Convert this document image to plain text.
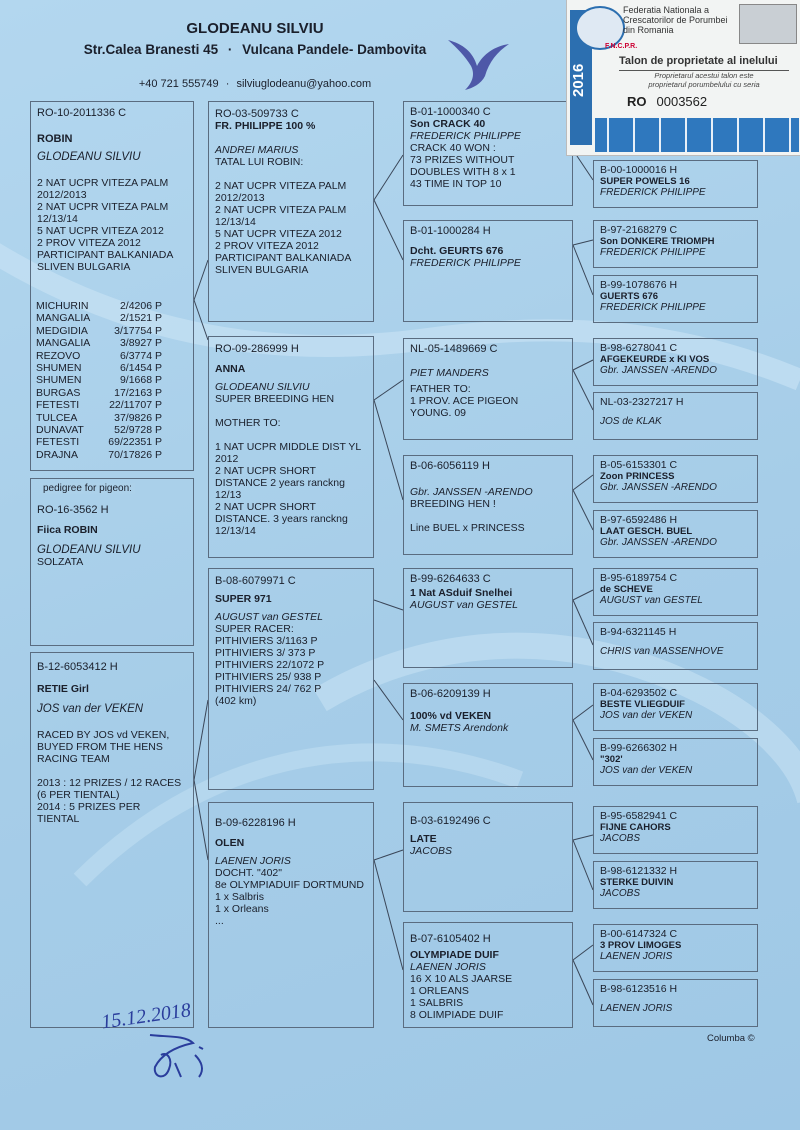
GLODEANU SILVIU
Str.Calea Branesti 45 · Vulcana Pandele- Dambovita
+40 721 555749 · silviuglodeanu@yahoo.com
RO-10-2011336 C
ROBIN
GLODEANU SILVIU
2 NAT UCPR VITEZA PALM
2012/2013
2 NAT UCPR VITEZA PALM
12/13/14
5 NAT UCPR VITEZA 2012
2 PROV VITEZA 2012
PARTICIPANT BALKANIADA
SLIVEN BULGARIA
MICHURIN	2/4206 P
MANGALIA	2/1521 P
MEDGIDIA	3/17754 P
MANGALIA	3/8927 P
REZOVO	6/3774 P
SHUMEN	6/1454 P
SHUMEN	9/1668 P
BURGAS	17/2163 P
FETESTI	22/11707 P
TULCEA	37/9826 P
DUNAVAT	52/9728 P
FETESTI	69/22351 P
DRAJNA	70/17826 P
RO-16-3562 H
Fiica ROBIN
GLODEANU SILVIU
SOLZATA
pedigree for pigeon:
B-12-6053412 H
RETIE Girl
JOS van der VEKEN
RACED BY JOS vd VEKEN,
BUYED FROM THE HENS
RACING TEAM

2013 : 12 PRIZES / 12 RACES
(6 PER TIENTAL)
2014 : 5 PRIZES PER
TIENTAL
RO-03-509733 C
FR. PHILIPPE 100 %
ANDREI MARIUS
TATAL LUI ROBIN:

2 NAT UCPR VITEZA PALM
2012/2013
2 NAT UCPR VITEZA PALM
12/13/14
5 NAT UCPR VITEZA 2012
2 PROV VITEZA 2012
PARTICIPANT BALKANIADA
SLIVEN BULGARIA
RO-09-286999 H
ANNA
GLODEANU SILVIU
SUPER BREEDING HEN

MOTHER TO:

1 NAT UCPR MIDDLE DIST YL
2012
2 NAT UCPR SHORT
DISTANCE 2 years ranckng
12/13
2 NAT UCPR SHORT
DISTANCE. 3 years ranckng
12/13/14
B-08-6079971 C
SUPER 971
AUGUST van GESTEL
SUPER RACER:
PITHIVIERS 3/1163 P
PITHIVIERS 3/ 373 P
PITHIVIERS 22/1072 P
PITHIVIERS 25/ 938 P
PITHIVIERS 24/ 762 P
(402 km)
B-09-6228196 H
OLEN
LAENEN JORIS
DOCHT. "402"
8e OLYMPIADUIF DORTMUND
1 x Salbris
1 x Orleans
...
B-01-1000340 C
Son CRACK 40
FREDERICK PHILIPPE
CRACK 40 WON :
73 PRIZES WITHOUT
DOUBLES WITH 8 x 1
43 TIME IN TOP 10
B-01-1000284 H
Dcht. GEURTS 676
FREDERICK PHILIPPE
NL-05-1489669 C
PIET MANDERS
FATHER TO:
1 PROV. ACE PIGEON
YOUNG. 09
B-06-6056119 H
Gbr. JANSSEN -ARENDO
BREEDING HEN !

Line BUEL x PRINCESS
B-99-6264633 C
1 Nat ASduif Snelhei
AUGUST van GESTEL
B-06-6209139 H
100% vd VEKEN
M. SMETS Arendonk
B-03-6192496 C
LATE
JACOBS
B-07-6105402 H
OLYMPIADE DUIF
LAENEN JORIS
16 X 10 ALS JAARSE
1 ORLEANS
1 SALBRIS
8 OLIMPIADE DUIF
B-00-1000016 H
SUPER POWELS 16
FREDERICK PHILIPPE
B-97-2168279 C
Son DONKERE TRIOMPH
FREDERICK PHILIPPE
B-99-1078676 H
GUERTS 676
FREDERICK PHILIPPE
B-98-6278041 C
AFGEKEURDE x KI VOS
Gbr. JANSSEN -ARENDO
NL-03-2327217 H
JOS de KLAK
B-05-6153301 C
Zoon PRINCESS
Gbr. JANSSEN -ARENDO
B-97-6592486 H
LAAT GESCH. BUEL
Gbr. JANSSEN -ARENDO
B-95-6189754 C
de SCHEVE
AUGUST van GESTEL
B-94-6321145 H
CHRIS van MASSENHOVE
B-04-6293502 C
BESTE VLIEGDUIF
JOS van der VEKEN
B-99-6266302 H
"302'
JOS van der VEKEN
B-95-6582941 C
FIJNE CAHORS
JACOBS
B-98-6121332 H
STERKE DUIVIN
JACOBS
B-00-6147324 C
3 PROV LIMOGES
LAENEN JORIS
B-98-6123516 H
LAENEN JORIS
15.12.2018
Columba ©
2016
F.N.C.P.R.
Federatia Nationala a
Crescatorilor de Porumbei
din Romania
Talon de proprietate al inelului
Proprietarul acestui talon este
proprietarul porumbelului cu seria
RO 0003562
